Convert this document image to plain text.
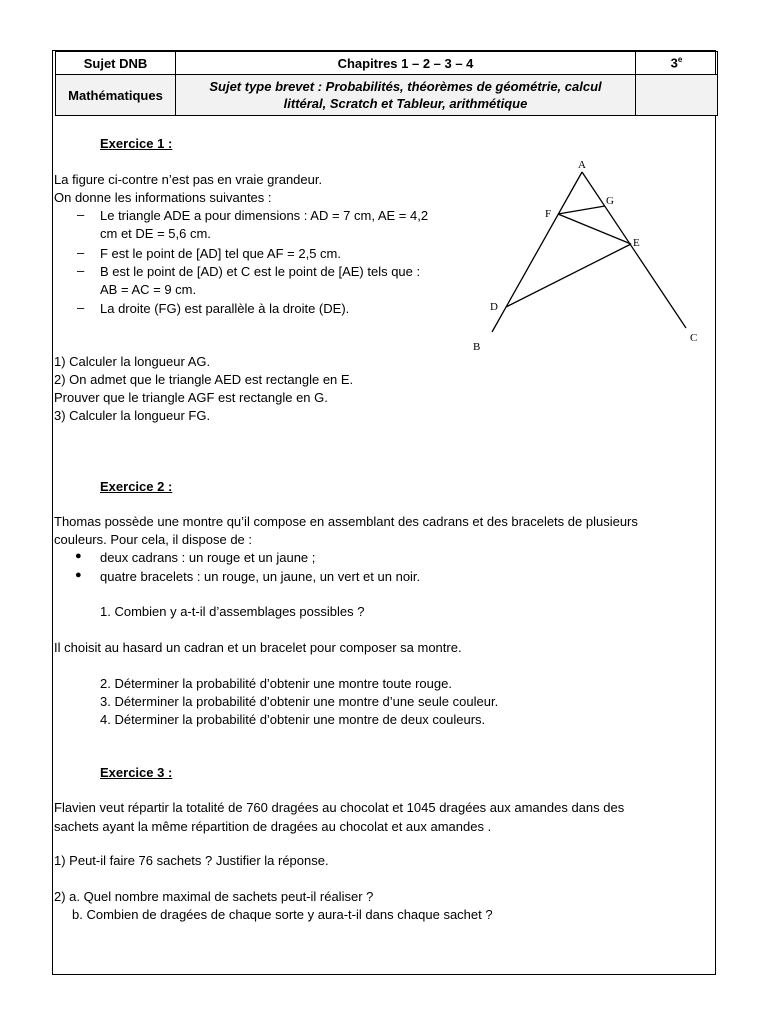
Sujet DNB	Chapitres 1 – 2 – 3 – 4	3e
Mathématiques	Sujet type brevet : Probabilités, théorèmes de géométrie, calcul
littéral, Scratch et Tableur, arithmétique	
Exercice 1 :
La figure ci-contre n’est pas en vraie grandeur.
On donne les informations suivantes :
– Le triangle ADE a pour dimensions : AD = 7 cm, AE = 4,2
cm et DE = 5,6 cm.
– F est le point de [AD] tel que AF = 2,5 cm.
– B est le point de [AD) et C est le point de [AE) tels que :
AB = AC = 9 cm.
– La droite (FG) est parallèle à la droite (DE).
1) Calculer la longueur AG.
2) On admet que le triangle AED est rectangle en E.
Prouver que le triangle AGF est rectangle en G.
3) Calculer la longueur FG.
A
G
F
E
D
B
C
Exercice 2 :
Thomas possède une montre qu’il compose en assemblant des cadrans et des bracelets de plusieurs
couleurs. Pour cela, il dispose de :
● deux cadrans : un rouge et un jaune ;
● quatre bracelets : un rouge, un jaune, un vert et un noir.
1. Combien y a-t-il d’assemblages possibles ?
Il choisit au hasard un cadran et un bracelet pour composer sa montre.
2. Déterminer la probabilité d’obtenir une montre toute rouge.
3. Déterminer la probabilité d’obtenir une montre d’une seule couleur.
4. Déterminer la probabilité d’obtenir une montre de deux couleurs.
Exercice 3 :
Flavien veut répartir la totalité de 760 dragées au chocolat et 1045 dragées aux amandes dans des
sachets ayant la même répartition de dragées au chocolat et aux amandes .
1) Peut-il faire 76 sachets ? Justifier la réponse.
2) a. Quel nombre maximal de sachets peut-il réaliser ?
b. Combien de dragées de chaque sorte y aura-t-il dans chaque sachet ?
